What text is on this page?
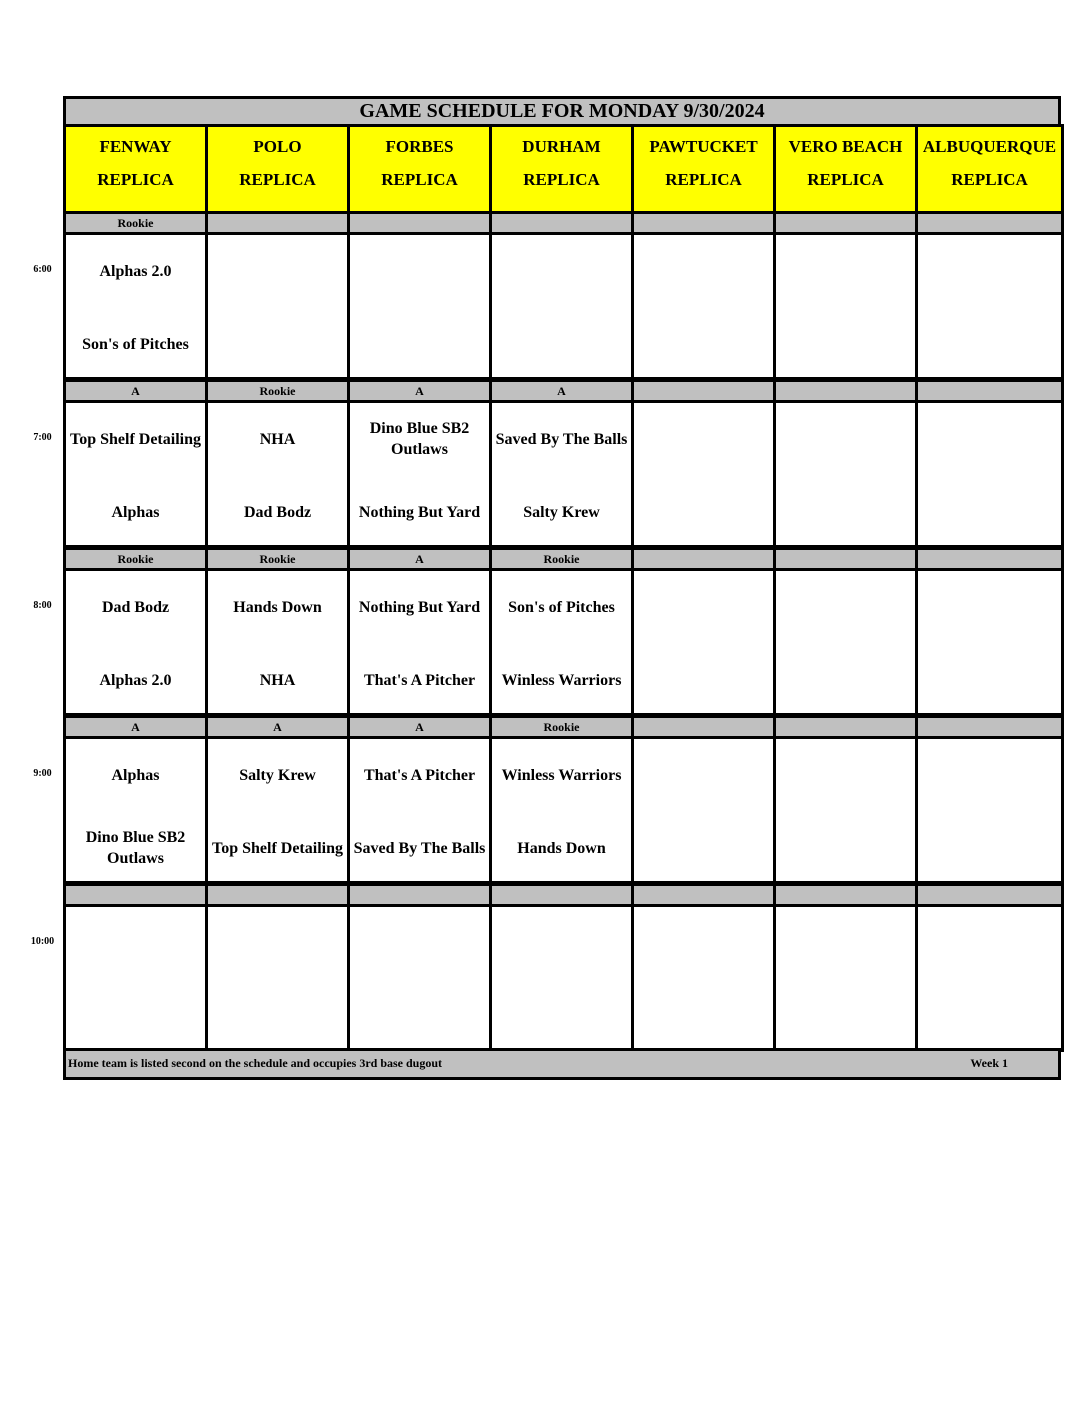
GAME SCHEDULE FOR MONDAY 9/30/2024
FENWAY
REPLICA
POLO
REPLICA
FORBES
REPLICA
DURHAM
REPLICA
PAWTUCKET
REPLICA
VERO BEACH
REPLICA
ALBUQUERQUE
REPLICA
6:00
Rookie
Alphas 2.0
Son's of Pitches
7:00
A
Top Shelf Detailing
Alphas
Rookie
NHA
Dad Bodz
A
Dino Blue SB2 Outlaws
Nothing But Yard
A
Saved By The Balls
Salty Krew
8:00
Rookie
Dad Bodz
Alphas 2.0
Rookie
Hands Down
NHA
A
Nothing But Yard
That's A Pitcher
Rookie
Son's of Pitches
Winless Warriors
9:00
A
Alphas
Dino Blue SB2 Outlaws
A
Salty Krew
Top Shelf Detailing
A
That's A Pitcher
Saved By The Balls
Rookie
Winless Warriors
Hands Down
10:00
Home team is listed second on the schedule and occupies 3rd base dugout	Week 1
